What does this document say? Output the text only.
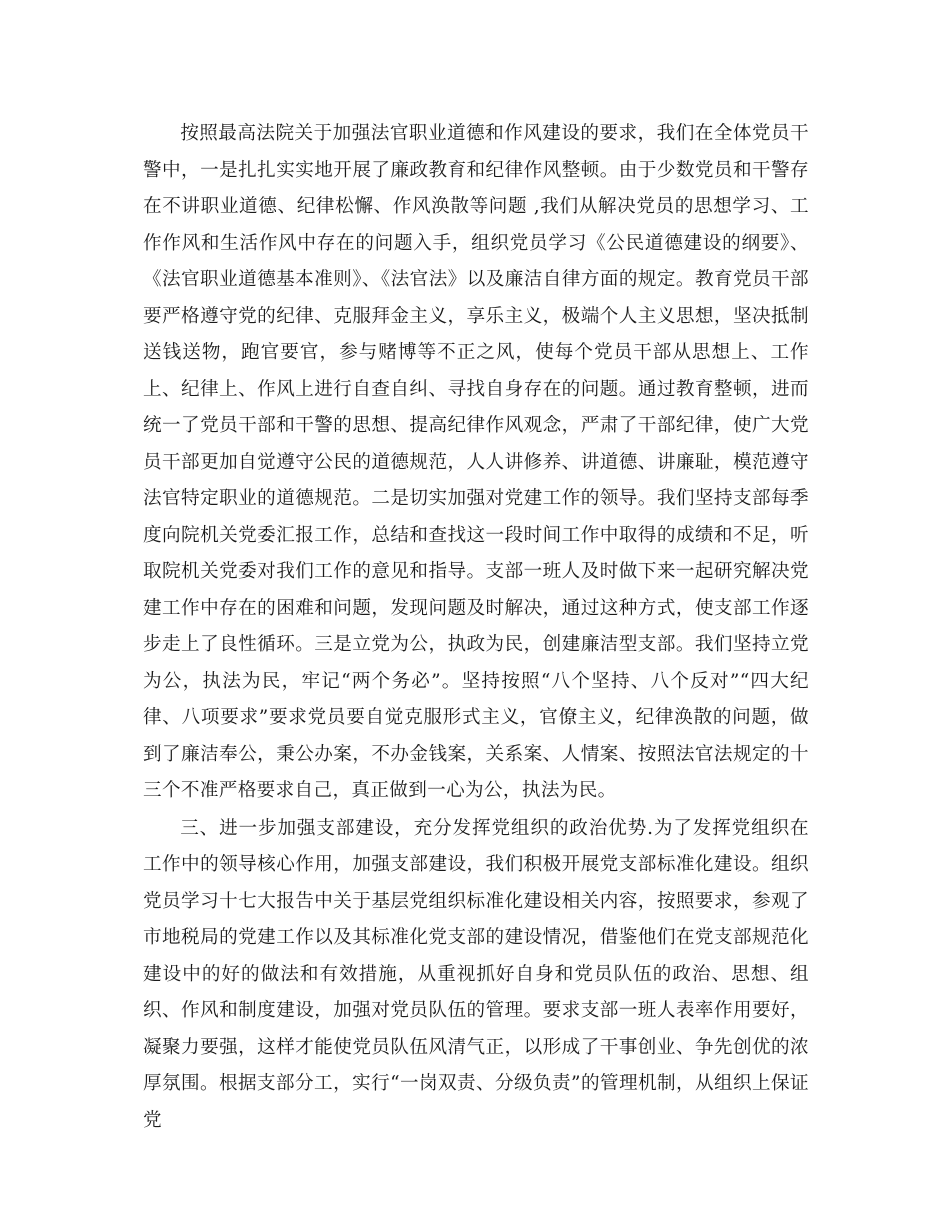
按照最高法院关于加强法官职业道德和作风建设的要求，我们在全体党员干警中，一是扎扎实实地开展了廉政教育和纪律作风整顿。由于少数党员和干警存在不讲职业道德、纪律松懈、作风涣散等问题 ,我们从解决党员的思想学习、工作作风和生活作风中存在的问题入手，组织党员学习《公民道德建设的纲要》、《法官职业道德基本准则》、《法官法》以及廉洁自律方面的规定。教育党员干部要严格遵守党的纪律、克服拜金主义，享乐主义，极端个人主义思想，坚决抵制送钱送物，跑官要官，参与赌博等不正之风，使每个党员干部从思想上、工作上、纪律上、作风上进行自查自纠、寻找自身存在的问题。通过教育整顿，进而统一了党员干部和干警的思想、提高纪律作风观念，严肃了干部纪律，使广大党员干部更加自觉遵守公民的道德规范，人人讲修养、讲道德、讲廉耻，模范遵守法官特定职业的道德规范。二是切实加强对党建工作的领导。我们坚持支部每季度向院机关党委汇报工作，总结和查找这一段时间工作中取得的成绩和不足，听取院机关党委对我们工作的意见和指导。支部一班人及时做下来一起研究解决党建工作中存在的困难和问题，发现问题及时解决，通过这种方式，使支部工作逐步走上了良性循环。三是立党为公，执政为民，创建廉洁型支部。我们坚持立党为公，执法为民，牢记“两个务必”。坚持按照“八个坚持、八个反对”“四大纪律、八项要求”要求党员要自觉克服形式主义，官僚主义，纪律涣散的问题，做到了廉洁奉公，秉公办案，不办金钱案，关系案、人情案、按照法官法规定的十三个不准严格要求自己，真正做到一心为公，执法为民。

三、进一步加强支部建设，充分发挥党组织的政治优势.为了发挥党组织在工作中的领导核心作用，加强支部建设，我们积极开展党支部标准化建设。组织党员学习十七大报告中关于基层党组织标准化建设相关内容，按照要求，参观了市地税局的党建工作以及其标准化党支部的建设情况，借鉴他们在党支部规范化建设中的好的做法和有效措施，从重视抓好自身和党员队伍的政治、思想、组织、作风和制度建设，加强对党员队伍的管理。要求支部一班人表率作用要好，凝聚力要强，这样才能使党员队伍风清气正，以形成了干事创业、争先创优的浓厚氛围。根据支部分工，实行“一岗双责、分级负责”的管理机制，从组织上保证党
